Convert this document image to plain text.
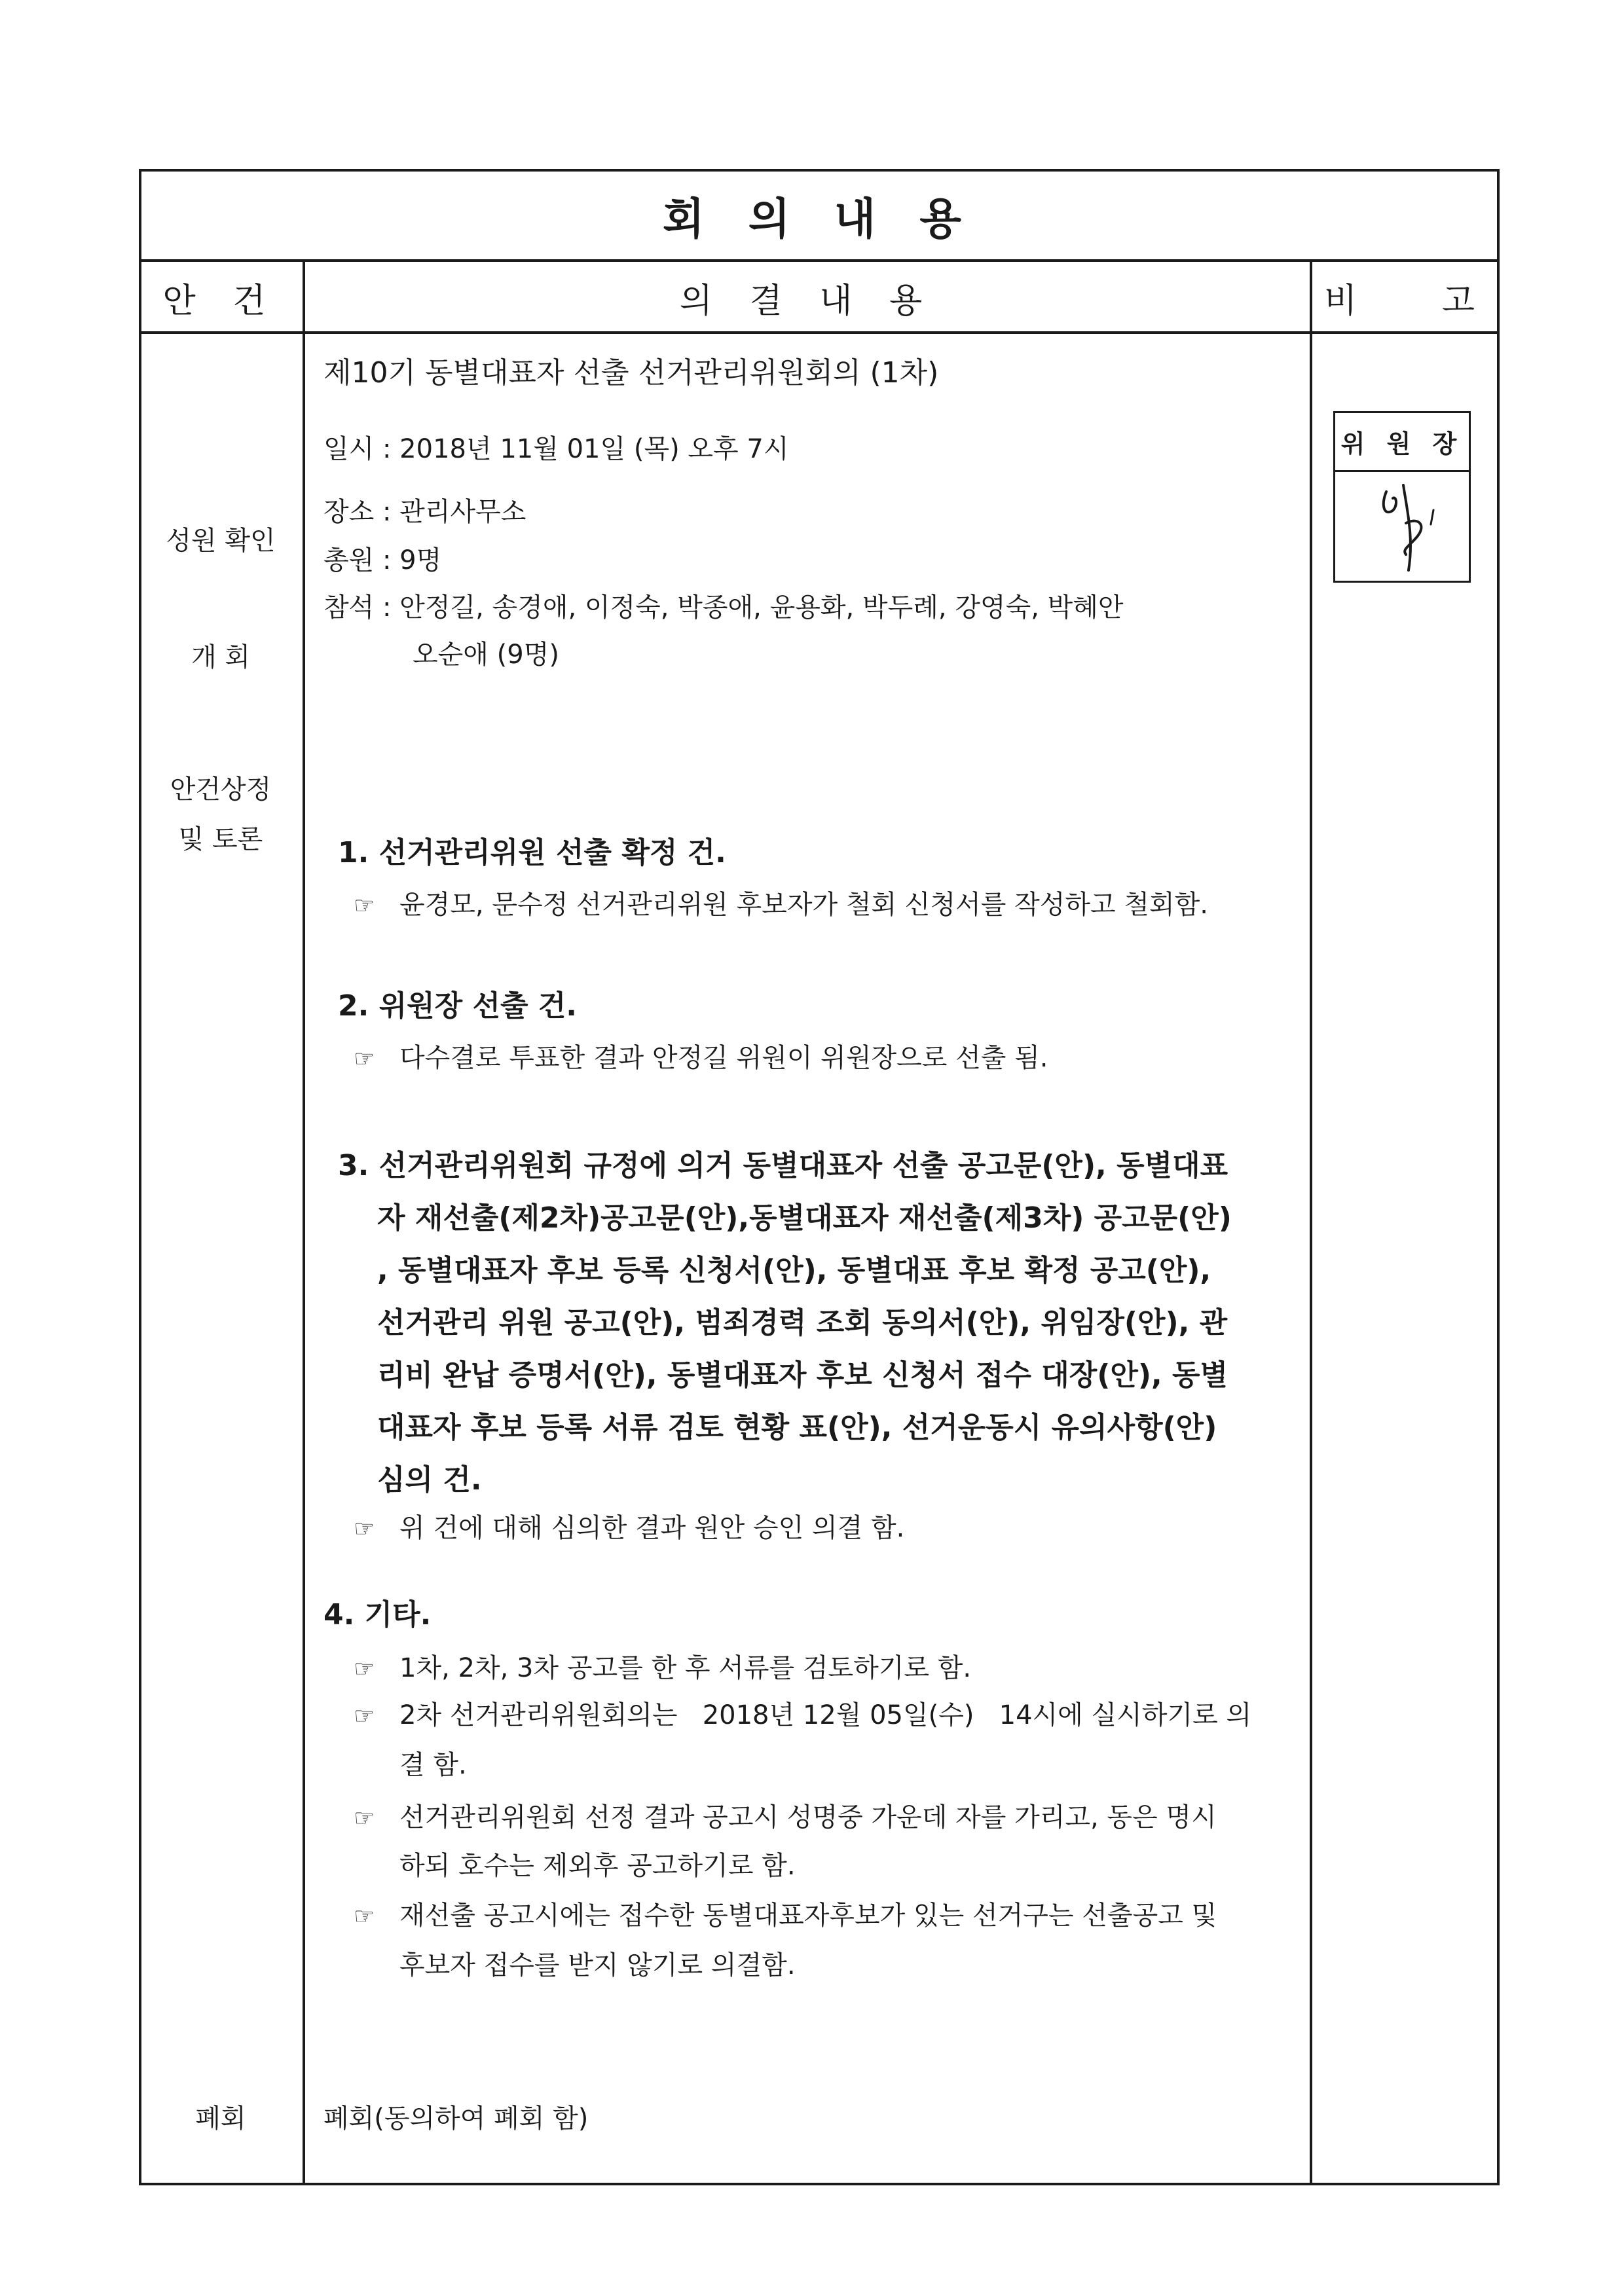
회 의 내 용
안 건	의 결 내 용	비   고
성원 확인
개 회
안건상정
및 토론
폐회
제10기 동별대표자 선출 선거관리위원회의 (1차)
일시 : 2018년 11월 01일 (목) 오후 7시
장소 : 관리사무소
총원 : 9명
참석 : 안정길, 송경애, 이정숙, 박종애, 윤용화, 박두례, 강영숙, 박혜안
오순애 (9명)
1. 선거관리위원 선출 확정 건.
☞ 윤경모, 문수정 선거관리위원 후보자가 철회 신청서를 작성하고 철회함.
2. 위원장 선출 건.
☞ 다수결로 투표한 결과 안정길 위원이 위원장으로 선출 됨.
3. 선거관리위원회 규정에 의거 동별대표자 선출 공고문(안), 동별대표
자 재선출(제2차)공고문(안),동별대표자 재선출(제3차) 공고문(안)
, 동별대표자 후보 등록 신청서(안), 동별대표 후보 확정 공고(안),
선거관리 위원 공고(안), 범죄경력 조회 동의서(안), 위임장(안), 관
리비 완납 증명서(안), 동별대표자 후보 신청서 접수 대장(안), 동별
대표자 후보 등록 서류 검토 현황 표(안), 선거운동시 유의사항(안)
심의 건.
☞ 위 건에 대해 심의한 결과 원안 승인 의결 함.
4. 기타.
☞ 1차, 2차, 3차 공고를 한 후 서류를 검토하기로 함.
☞ 2차 선거관리위원회의는   2018년 12월 05일(수)   14시에 실시하기로 의
결 함.
☞ 선거관리위원회 선정 결과 공고시 성명중 가운데 자를 가리고, 동은 명시
하되 호수는 제외후 공고하기로 함.
☞ 재선출 공고시에는 접수한 동별대표자후보가 있는 선거구는 선출공고 및
후보자 접수를 받지 않기로 의결함.
폐회(동의하여 폐회 함)
위 원 장
